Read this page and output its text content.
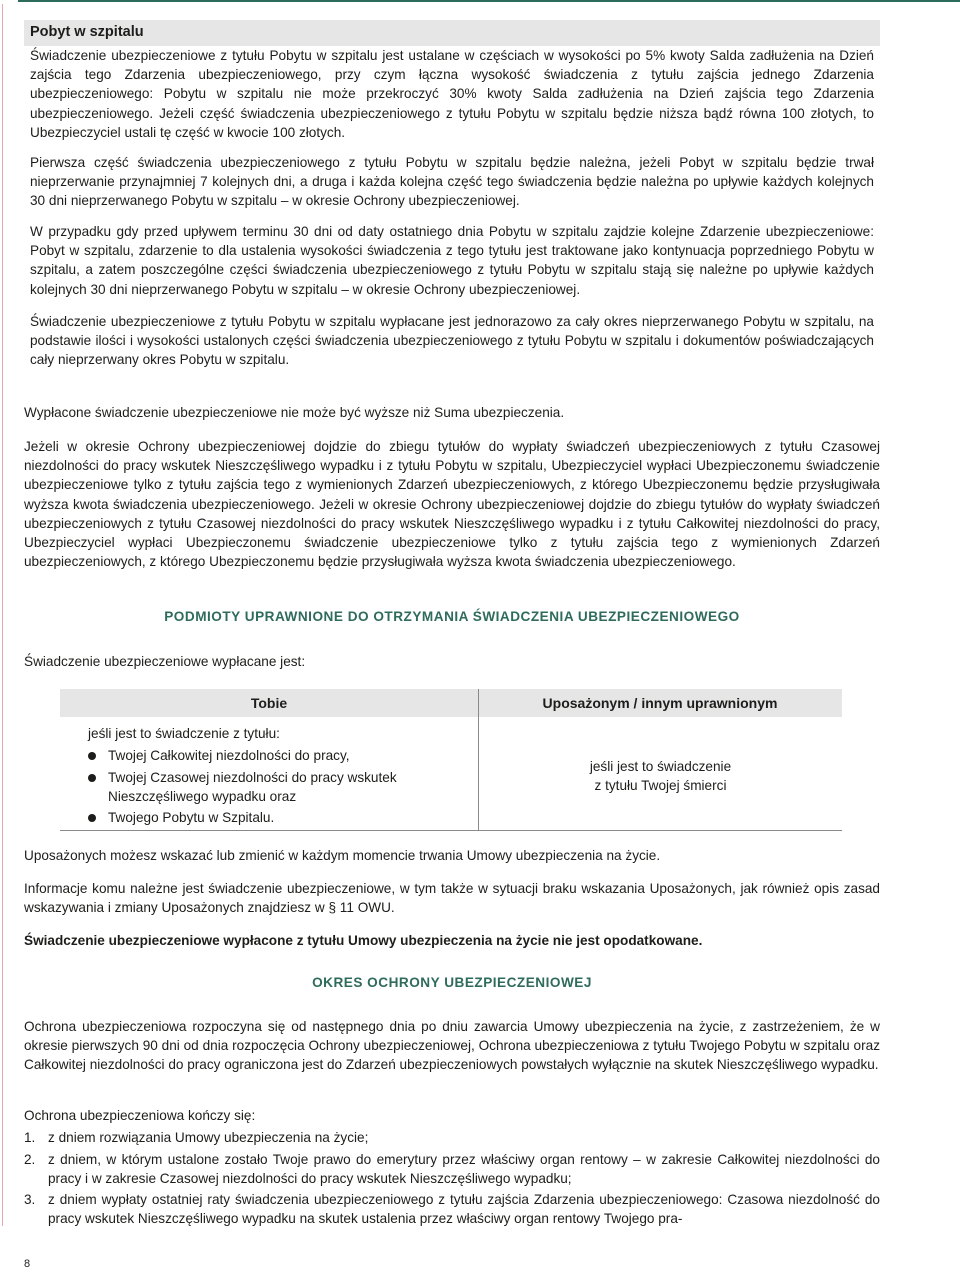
Pobyt w szpitalu
Świadczenie ubezpieczeniowe z tytułu Pobytu w szpitalu jest ustalane w częściach w wysokości po 5% kwoty Salda zadłużenia na Dzień zajścia tego Zdarzenia ubezpieczeniowego, przy czym łączna wysokość świadczenia z tytułu zajścia jednego Zdarzenia ubezpieczeniowego: Pobytu w szpitalu nie może przekroczyć 30% kwoty Salda zadłużenia na Dzień zajścia tego Zdarzenia ubezpieczeniowego. Jeżeli część świadczenia ubezpieczeniowego z tytułu Pobytu w szpitalu będzie niższa bądź równa 100 złotych, to Ubezpieczyciel ustali tę część w kwocie 100 złotych.
Pierwsza część świadczenia ubezpieczeniowego z tytułu Pobytu w szpitalu będzie należna, jeżeli Pobyt w szpitalu będzie trwał nieprzerwanie przynajmniej 7 kolejnych dni, a druga i każda kolejna część tego świadczenia będzie należna po upływie każdych kolejnych 30 dni nieprzerwanego Pobytu w szpitalu – w okresie Ochrony ubezpieczeniowej.
W przypadku gdy przed upływem terminu 30 dni od daty ostatniego dnia Pobytu w szpitalu zajdzie kolejne Zdarzenie ubezpieczeniowe: Pobyt w szpitalu, zdarzenie to dla ustalenia wysokości świadczenia z tego tytułu jest traktowane jako kontynuacja poprzedniego Pobytu w szpitalu, a zatem poszczególne części świadczenia ubezpieczeniowego z tytułu Pobytu w szpitalu stają się należne po upływie każdych kolejnych 30 dni nieprzerwanego Pobytu w szpitalu – w okresie Ochrony ubezpieczeniowej.
Świadczenie ubezpieczeniowe z tytułu Pobytu w szpitalu wypłacane jest jednorazowo za cały okres nieprzerwanego Pobytu w szpitalu, na podstawie ilości i wysokości ustalonych części świadczenia ubezpieczeniowego z tytułu Pobytu w szpitalu i dokumentów poświadczających cały nieprzerwany okres Pobytu w szpitalu.
Wypłacone świadczenie ubezpieczeniowe nie może być wyższe niż Suma ubezpieczenia.
Jeżeli w okresie Ochrony ubezpieczeniowej dojdzie do zbiegu tytułów do wypłaty świadczeń ubezpieczeniowych z tytułu Czasowej niezdolności do pracy wskutek Nieszczęśliwego wypadku i z tytułu Pobytu w szpitalu, Ubezpieczyciel wypłaci Ubezpieczonemu świadczenie ubezpieczeniowe tylko z tytułu zajścia tego z wymienionych Zdarzeń ubezpieczeniowych, z którego Ubezpieczonemu będzie przysługiwała wyższa kwota świadczenia ubezpieczeniowego. Jeżeli w okresie Ochrony ubezpieczeniowej dojdzie do zbiegu tytułów do wypłaty świadczeń ubezpieczeniowych z tytułu Czasowej niezdolności do pracy wskutek Nieszczęśliwego wypadku i z tytułu Całkowitej niezdolności do pracy, Ubezpieczyciel wypłaci Ubezpieczonemu świadczenie ubezpieczeniowe tylko z tytułu zajścia tego z wymienionych Zdarzeń ubezpieczeniowych, z którego Ubezpieczonemu będzie przysługiwała wyższa kwota świadczenia ubezpieczeniowego.
PODMIOTY UPRAWNIONE DO OTRZYMANIA ŚWIADCZENIA UBEZPIECZENIOWEGO
Świadczenie ubezpieczeniowe wypłacane jest:
Tobie	Uposażonym / innym uprawnionym
jeśli jest to świadczenie z tytułu:
Twojej Całkowitej niezdolności do pracy,
Twojej Czasowej niezdolności do pracy wskutek
Nieszczęśliwego wypadku oraz
Twojego Pobytu w Szpitalu.
jeśli jest to świadczenie
z tytułu Twojej śmierci
Uposażonych możesz wskazać lub zmienić w każdym momencie trwania Umowy ubezpieczenia na życie.
Informacje komu należne jest świadczenie ubezpieczeniowe, w tym także w sytuacji braku wskazania Uposażonych, jak również opis zasad wskazywania i zmiany Uposażonych znajdziesz w § 11 OWU.
Świadczenie ubezpieczeniowe wypłacone z tytułu Umowy ubezpieczenia na życie nie jest opodatkowane.
OKRES OCHRONY UBEZPIECZENIOWEJ
Ochrona ubezpieczeniowa rozpoczyna się od następnego dnia po dniu zawarcia Umowy ubezpieczenia na życie, z zastrzeżeniem, że w okresie pierwszych 90 dni od dnia rozpoczęcia Ochrony ubezpieczeniowej, Ochrona ubezpieczeniowa z tytułu Twojego Pobytu w szpitalu oraz Całkowitej niezdolności do pracy ograniczona jest do Zdarzeń ubezpieczeniowych powstałych wyłącznie na skutek Nieszczęśliwego wypadku.
Ochrona ubezpieczeniowa kończy się:
1. z dniem rozwiązania Umowy ubezpieczenia na życie;
2. z dniem, w którym ustalone zostało Twoje prawo do emerytury przez właściwy organ rentowy – w zakresie Całkowitej niezdolności do pracy i w zakresie Czasowej niezdolności do pracy wskutek Nieszczęśliwego wypadku;
3. z dniem wypłaty ostatniej raty świadczenia ubezpieczeniowego z tytułu zajścia Zdarzenia ubezpieczeniowego: Czasowa niezdolność do pracy wskutek Nieszczęśliwego wypadku na skutek ustalenia przez właściwy organ rentowy Twojego pra-
8
